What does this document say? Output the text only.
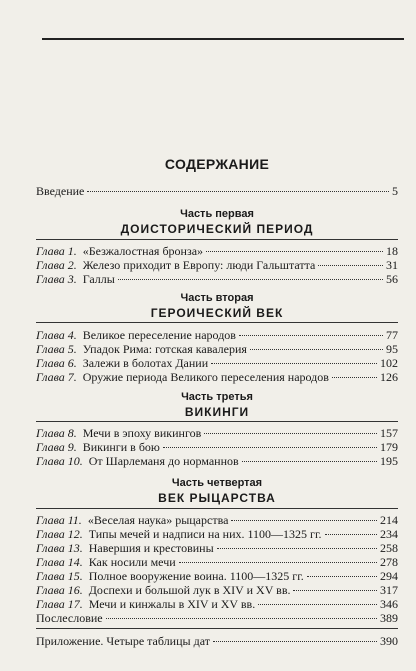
СОДЕРЖАНИЕ
Введение	5
Часть первая
ДОИСТОРИЧЕСКИЙ ПЕРИОД
Глава 1. «Безжалостная бронза»	18
Глава 2. Железо приходит в Европу: люди Гальштатта	31
Глава 3. Галлы	56
Часть вторая
ГЕРОИЧЕСКИЙ ВЕК
Глава 4. Великое переселение народов	77
Глава 5. Упадок Рима: готская кавалерия	95
Глава 6. Залежи в болотах Дании	102
Глава 7. Оружие периода Великого переселения народов	126
Часть третья
ВИКИНГИ
Глава 8. Мечи в эпоху викингов	157
Глава 9. Викинги в бою	179
Глава 10. От Шарлеманя до норманнов	195
Часть четвертая
ВЕК РЫЦАРСТВА
Глава 11. «Веселая наука» рыцарства	214
Глава 12. Типы мечей и надписи на них. 1100—1325 гг.	234
Глава 13. Навершия и крестовины	258
Глава 14. Как носили мечи	278
Глава 15. Полное вооружение воина. 1100—1325 гг.	294
Глава 16. Доспехи и большой лук в XIV и XV вв.	317
Глава 17. Мечи и кинжалы в XIV и XV вв.	346
Послесловие	389
Приложение. Четыре таблицы дат	390
